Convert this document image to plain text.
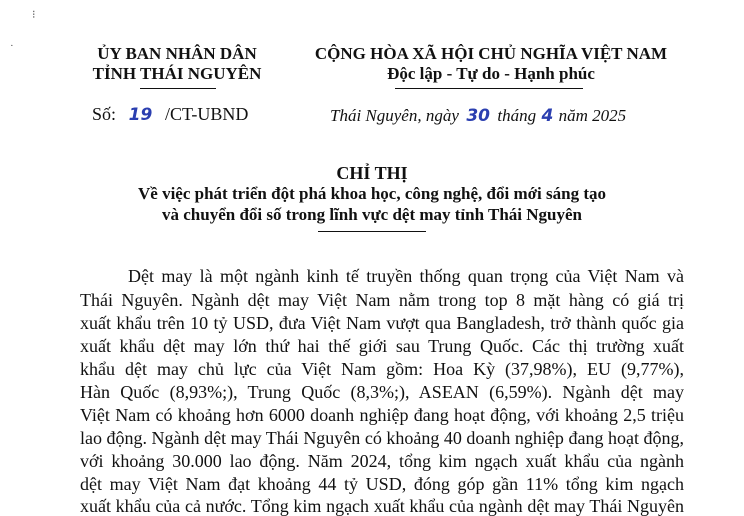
⁝
·	ỦY BAN NHÂN DÂN
TỈNH THÁI NGUYÊN
CỘNG HÒA XÃ HỘI CHỦ NGHĨA VIỆT NAM
Độc lập - Tự do - Hạnh phúc
Số: 19 /CT-UBND	Thái Nguyên, ngày 30 tháng 4 năm 2025
CHỈ THỊ
Về việc phát triển đột phá khoa học, công nghệ, đổi mới sáng tạo
và chuyển đổi số trong lĩnh vực dệt may tỉnh Thái Nguyên
Dệt may là một ngành kinh tế truyền thống quan trọng của Việt Nam và
Thái Nguyên. Ngành dệt may Việt Nam nằm trong top 8 mặt hàng có giá trị
xuất khẩu trên 10 tỷ USD, đưa Việt Nam vượt qua Bangladesh, trở thành quốc gia
xuất khẩu dệt may lớn thứ hai thế giới sau Trung Quốc. Các thị trường xuất
khẩu dệt may chủ lực của Việt Nam gồm: Hoa Kỳ (37,98%), EU (9,77%),
Hàn Quốc (8,93%;), Trung Quốc (8,3%;), ASEAN (6,59%). Ngành dệt may
Việt Nam có khoảng hơn 6000 doanh nghiệp đang hoạt động, với khoảng 2,5 triệu
lao động. Ngành dệt may Thái Nguyên có khoảng 40 doanh nghiệp đang hoạt động,
với khoảng 30.000 lao động. Năm 2024, tổng kim ngạch xuất khẩu của ngành
dệt may Việt Nam đạt khoảng 44 tỷ USD, đóng góp gần 11% tổng kim ngạch
xuất khẩu của cả nước. Tổng kim ngạch xuất khẩu của ngành dệt may Thái Nguyên
